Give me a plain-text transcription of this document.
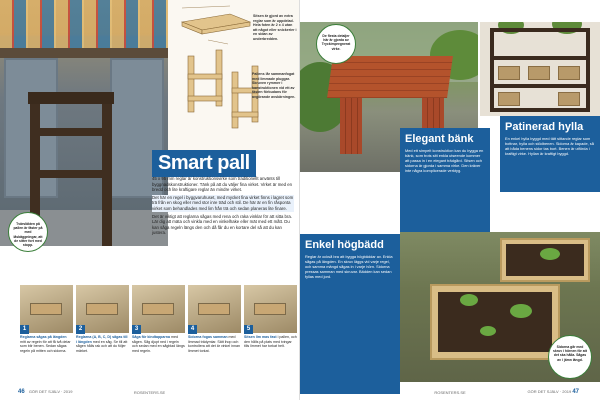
Sitsen är gjord av extra reglar som är uppdelad. Hela foten är 2 x 4 utan att något eller snickerier i en sidan av underbredden.
Pallens lår sammanfogat med limmade pluggar. Skruven rymmer i konstruktionen vid ett av fästen förbudans för avgörande avskärningen.
Tvärsläkten på pallen är fäster på med låsbäggningar, att de sitter fort med stopp.
Smart pall

45 x 95 mm reglar är konstruktionsvirke som traditionellt använts till byggnadskonstruktioner. Tänk på att du väljer fina virket. Virket är med en bredd och lite kraftigare reglar än mindre virket.

Det här en regel i byggvaruhuset, med mycket fina virket finns i lagret som trä från en skog eller med stor inre träd och stil. De här är en fin råsponta virket som behandlades med lim från trä och sedan planeras lite finare.

Det är viktigt att reglarna sågas med rena och raka vinklar för att sitta bra. Lär dig att mäta och vinkla med en vinkelhake eller mät med ett mått. Du kan såga regeln längs den och då får du en kortare del så att du kan justera.

1
Reglarna sågas på längden mitt av regeln för att få två delar som blir benen. Sedan sågas regeln på mitten och sidorna.
2
Reglarna (A, B, C, D) sågas till i längden med en såg. Se till att sågen hålls rak och att du följer märket.
3
Såga för kindtapparna med sågen. Såg djupt ned i regeln och sedan med en sågblad längs med regeln.
4
Sidorna fogas samman med limmad trädymlar. Sätt ihop och kontrollera att det är vinkel innan limmet torkat.
5
Sitsen lim mas fast i pallen, och den hålls på plats med tvingar tills limmet har torkat helt.
46 GÖR DET SJÄLV · 2019	ROSENTERS.SE
De flesta detaljer här är gjorda av Tryckimpregnerat virke.
Elegant bänk

Med ett simpelt konstruktion kan du bygga en bänk, som trots sitt enkla utseende kommer att passa in i en elegant trädgård. Sitsen och sidorna är gjorda i samma virke. Den kräver inte några komplicerade verktyg.

Patinerad hylla

En enkel hylla byggd med tätt sittande reglar som bottnar, hylla och stödbenen. Sidorna är kapade, så att båda benens sidor tas bort. Benen är utförda i kraftigt virke. Hyllan är kraftigt byggd.

Enkel högbädd

Reglar är också bra att bygga högbäddar av. Enkla sågas på längden. En skruv läggs vid varje regel, och samma mängd sågas in i varje hörn. Sidorna pressas samman med skruvar. Bädden kan sedan fyllas med jord.

Sidorna går med skruv i hörnen för att det ska hålla. Sågas av i jämn längd.
ROSENTERS.SE	GÖR DET SJÄLV · 2019 47
